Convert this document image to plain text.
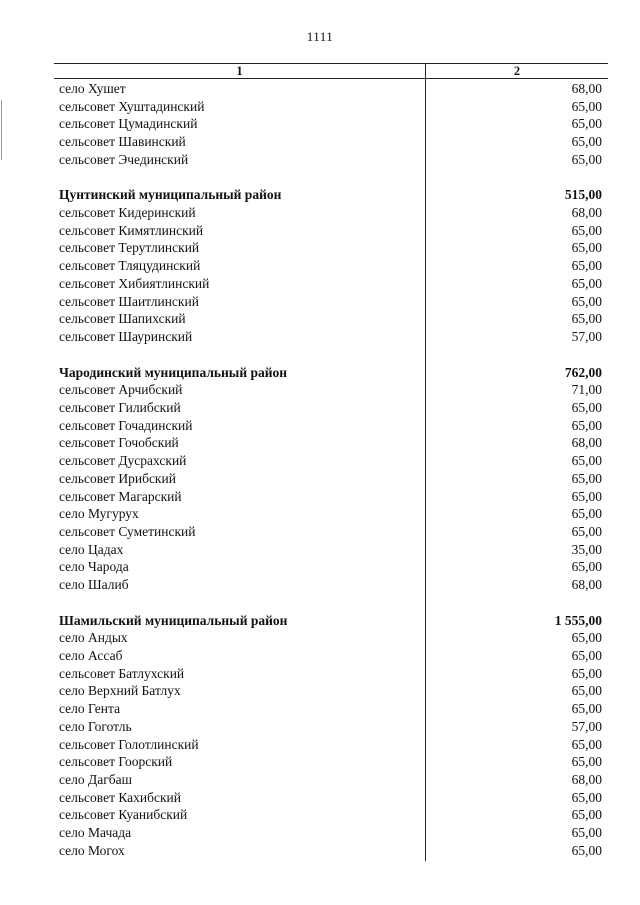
1111
1	2
село Хушет	68,00
сельсовет Хуштадинский	65,00
сельсовет Цумадинский	65,00
сельсовет Шавинский	65,00
сельсовет Эчединский	65,00
Цунтинский муниципальный район	515,00
сельсовет Кидеринский	68,00
сельсовет Кимятлинский	65,00
сельсовет Терутлинский	65,00
сельсовет Тляцудинский	65,00
сельсовет Хибиятлинский	65,00
сельсовет Шаитлинский	65,00
сельсовет Шапихский	65,00
сельсовет Шауринский	57,00
Чародинский муниципальный район	762,00
сельсовет Арчибский	71,00
сельсовет Гилибский	65,00
сельсовет Гочадинский	65,00
сельсовет Гочобский	68,00
сельсовет Дусрахский	65,00
сельсовет Ирибский	65,00
сельсовет Магарский	65,00
село Мугурух	65,00
сельсовет Суметинский	65,00
село Цадах	35,00
село Чарода	65,00
село Шалиб	68,00
Шамильский муниципальный район	1 555,00
село Андых	65,00
село Ассаб	65,00
сельсовет Батлухский	65,00
село Верхний Батлух	65,00
село Гента	65,00
село Гоготль	57,00
сельсовет Голотлинский	65,00
сельсовет Гоорский	65,00
село Дагбаш	68,00
сельсовет Кахибский	65,00
сельсовет Куанибский	65,00
село Мачада	65,00
село Могох	65,00
